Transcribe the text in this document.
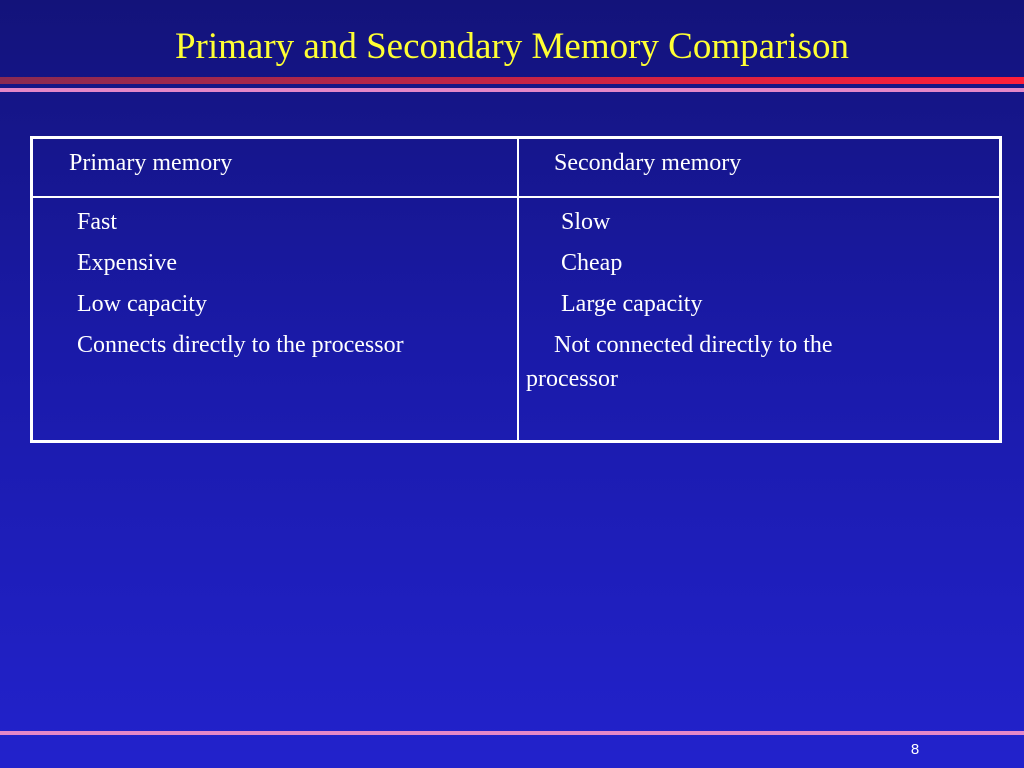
Primary and Secondary Memory Comparison
Primary memory	Secondary memory
Fast
Expensive
Low capacity
Connects directly to the processor
Slow
Cheap
Large capacity
Not connected directly to the processor
8
